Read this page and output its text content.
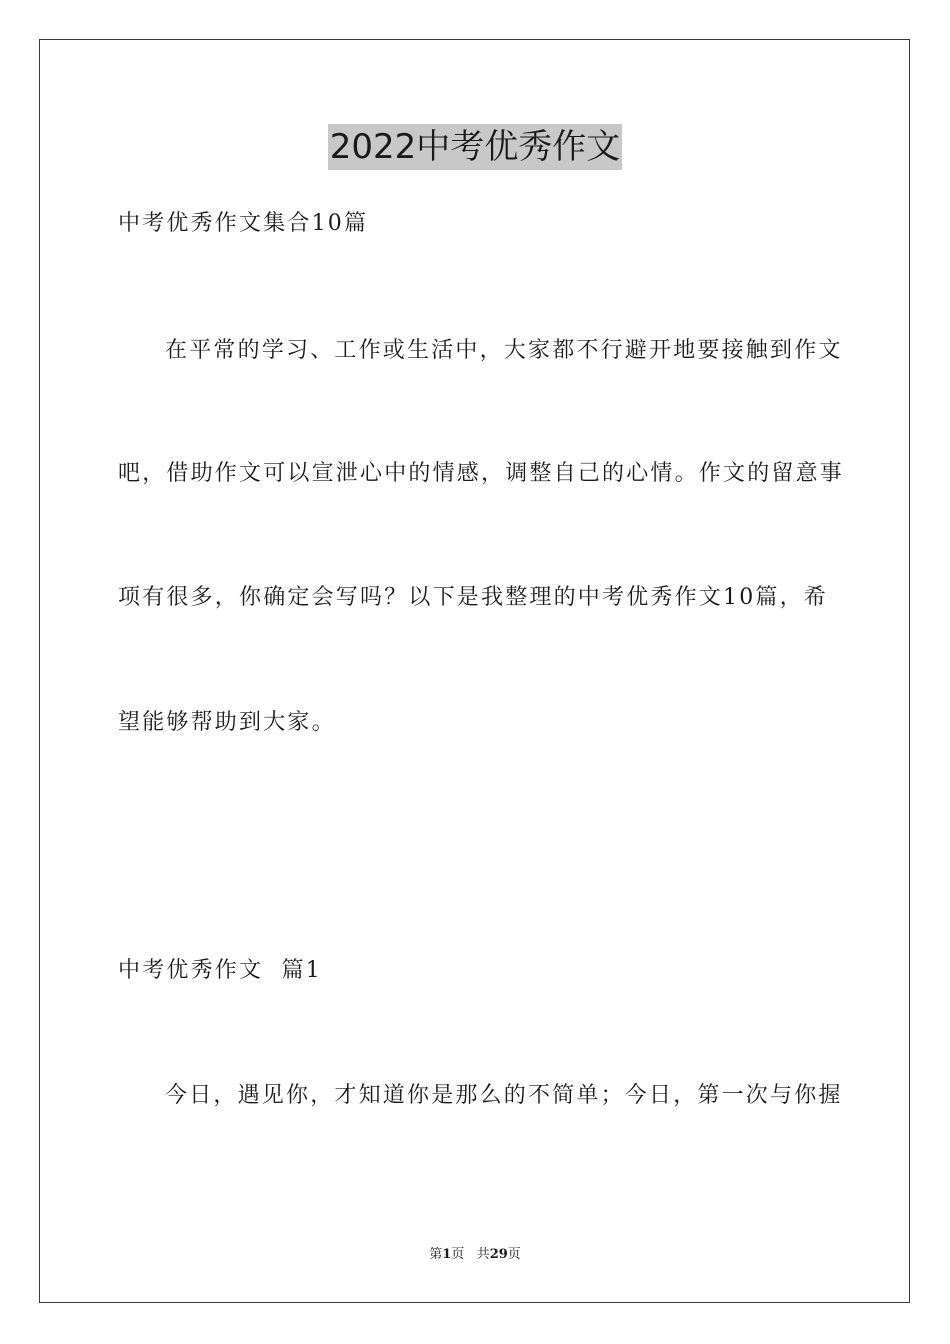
2022中考优秀作文
中考优秀作文集合10篇
在平常的学习、工作或生活中，大家都不行避开地要接触到作文
吧，借助作文可以宣泄心中的情感，调整自己的心情。作文的留意事
项有很多，你确定会写吗？以下是我整理的中考优秀作文10篇，希
望能够帮助到大家。
中考优秀作文  篇1
今日，遇见你，才知道你是那么的不简单；今日，第一次与你握
第1页 共29页
